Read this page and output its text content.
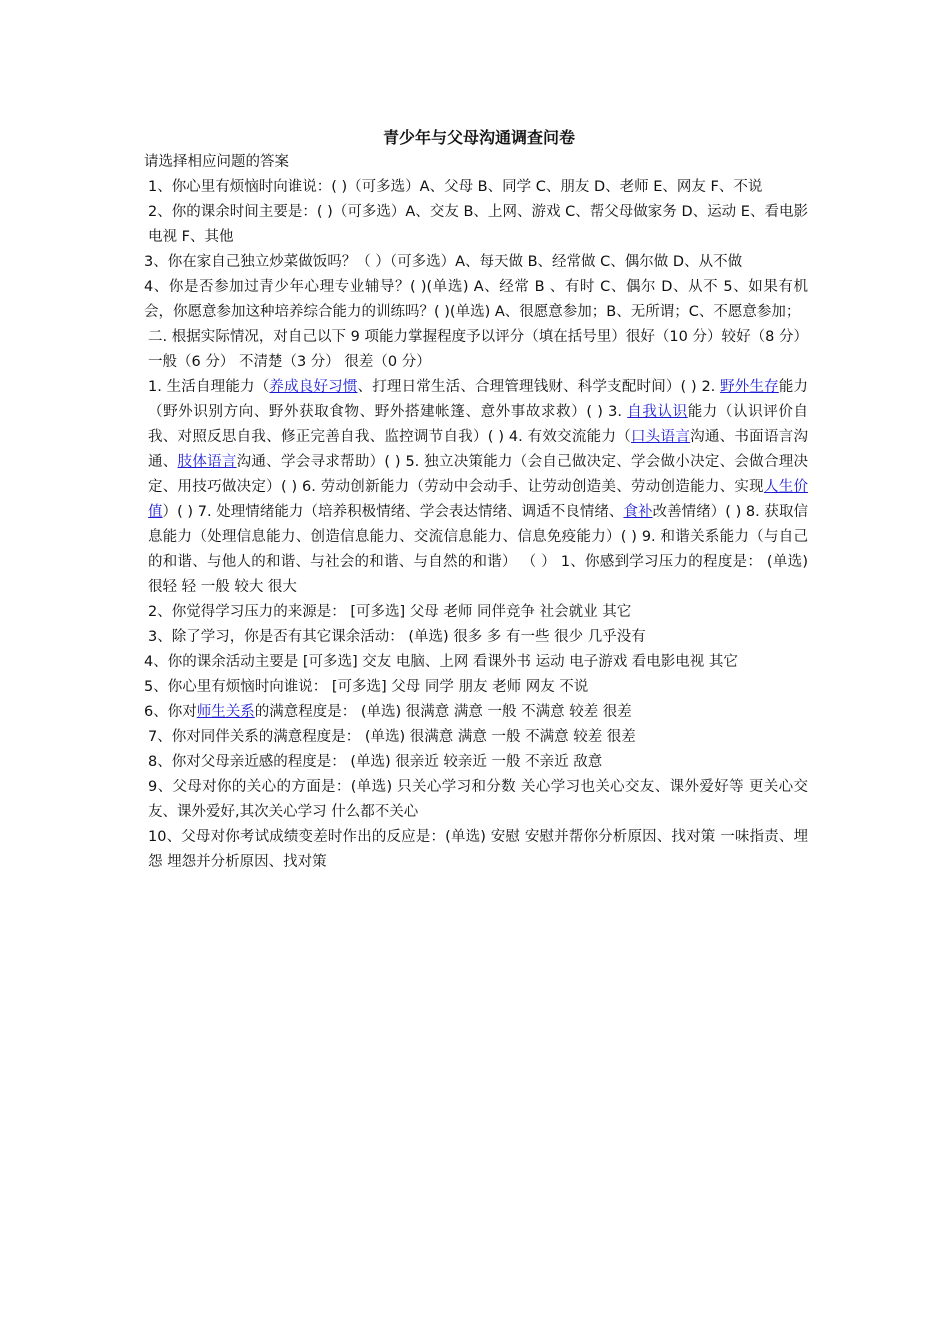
青少年与父母沟通调查问卷

请选择相应问题的答案

1、你心里有烦恼时向谁说：( )（可多选）A、父母 B、同学 C、朋友 D、老师 E、网友 F、不说

2、你的课余时间主要是：( )（可多选）A、交友 B、上网、游戏 C、帮父母做家务 D、运动 E、看电影电视 F、其他

3、你在家自己独立炒菜做饭吗？（ ）（可多选）A、每天做 B、经常做 C、偶尔做 D、从不做

4、你是否参加过青少年心理专业辅导？( )(单选) A、经常 B 、有时 C、偶尔 D、从不 5、如果有机会，你愿意参加这种培养综合能力的训练吗？( )(单选) A、很愿意参加；B、无所谓；C、不愿意参加；

二. 根据实际情况，对自己以下 9 项能力掌握程度予以评分（填在括号里）很好（10 分）较好（8 分） 一般（6 分） 不清楚（3 分） 很差（0 分）

1. 生活自理能力（养成良好习惯、打理日常生活、合理管理钱财、科学支配时间）( ) 2. 野外生存能力（野外识别方向、野外获取食物、野外搭建帐篷、意外事故求救）( ) 3. 自我认识能力（认识评价自我、对照反思自我、修正完善自我、监控调节自我）( ) 4. 有效交流能力（口头语言沟通、书面语言沟通、肢体语言沟通、学会寻求帮助）( ) 5. 独立决策能力（会自己做决定、学会做小决定、会做合理决定、用技巧做决定）( ) 6. 劳动创新能力（劳动中会动手、让劳动创造美、劳动创造能力、实现人生价值）( ) 7. 处理情绪能力（培养积极情绪、学会表达情绪、调适不良情绪、食补改善情绪）( ) 8. 获取信息能力（处理信息能力、创造信息能力、交流信息能力、信息免疫能力）( ) 9. 和谐关系能力（与自己的和谐、与他人的和谐、与社会的和谐、与自然的和谐） （ ） 1、你感到学习压力的程度是： (单选) 很轻 轻 一般 较大 很大

2、你觉得学习压力的来源是： [可多选] 父母 老师 同伴竞争 社会就业 其它

3、除了学习，你是否有其它课余活动： (单选) 很多 多 有一些 很少 几乎没有

4、你的课余活动主要是 [可多选] 交友 电脑、上网 看课外书 运动 电子游戏 看电影电视 其它

5、你心里有烦恼时向谁说： [可多选] 父母 同学 朋友 老师 网友 不说

6、你对师生关系的满意程度是： (单选) 很满意 满意 一般 不满意 较差 很差

7、你对同伴关系的满意程度是： (单选) 很满意 满意 一般 不满意 较差 很差

8、你对父母亲近感的程度是： (单选) 很亲近 较亲近 一般 不亲近 敌意

9、父母对你的关心的方面是：(单选) 只关心学习和分数 关心学习也关心交友、课外爱好等 更关心交友、课外爱好,其次关心学习 什么都不关心

10、父母对你考试成绩变差时作出的反应是：(单选) 安慰 安慰并帮你分析原因、找对策 一味指责、埋怨 埋怨并分析原因、找对策
